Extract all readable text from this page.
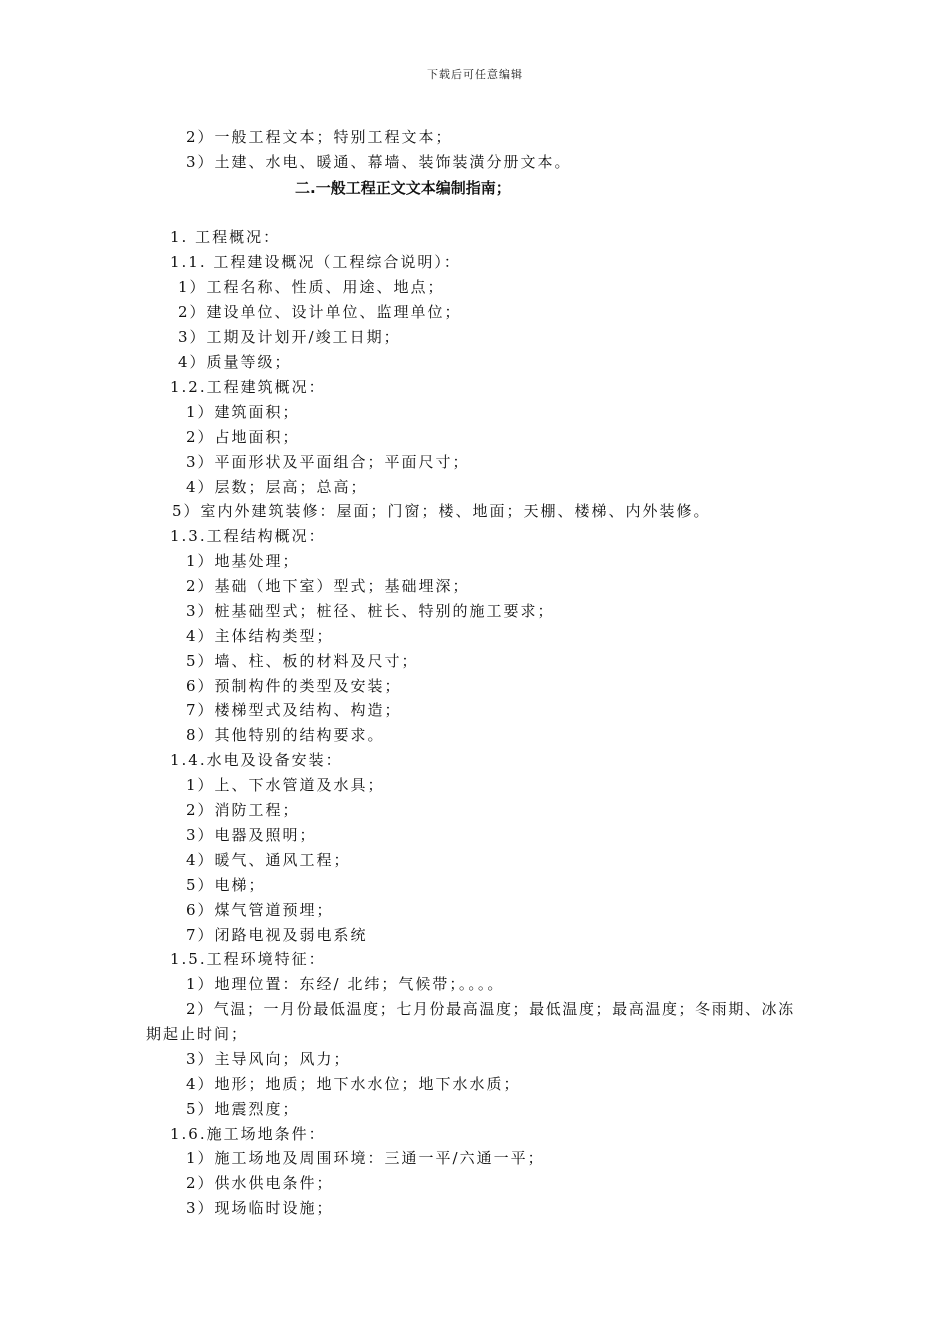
下载后可任意编辑
2）一般工程文本；特别工程文本；
3）土建、水电、暖通、幕墙、装饰装潢分册文本。
二.一般工程正文文本编制指南；
1. 工程概况：
1.1. 工程建设概况（工程综合说明）：
1）工程名称、性质、用途、地点；
2）建设单位、设计单位、监理单位；
3）工期及计划开/竣工日期；
4）质量等级；
1.2.工程建筑概况：
1）建筑面积；
2）占地面积；
3）平面形状及平面组合；平面尺寸；
4）层数；层高；总高；
5）室内外建筑装修：屋面；门窗；楼、地面；天棚、楼梯、内外装修。
1.3.工程结构概况：
1）地基处理；
2）基础（地下室）型式；基础埋深；
3）桩基础型式；桩径、桩长、特别的施工要求；
4）主体结构类型；
5）墙、柱、板的材料及尺寸；
6）预制构件的类型及安装；
7）楼梯型式及结构、构造；
8）其他特别的结构要求。
1.4.水电及设备安装：
1）上、下水管道及水具；
2）消防工程；
3）电器及照明；
4）暖气、通风工程；
5）电梯；
6）煤气管道预埋；
7）闭路电视及弱电系统
1.5.工程环境特征：
1）地理位置：东经/ 北纬；气候带；。。。。
2）气温；一月份最低温度；七月份最高温度；最低温度；最高温度；冬雨期、冰冻
期起止时间；
3）主导风向；风力；
4）地形；地质；地下水水位；地下水水质；
5）地震烈度；
1.6.施工场地条件：
1）施工场地及周围环境：三通一平/六通一平；
2）供水供电条件；
3）现场临时设施；
